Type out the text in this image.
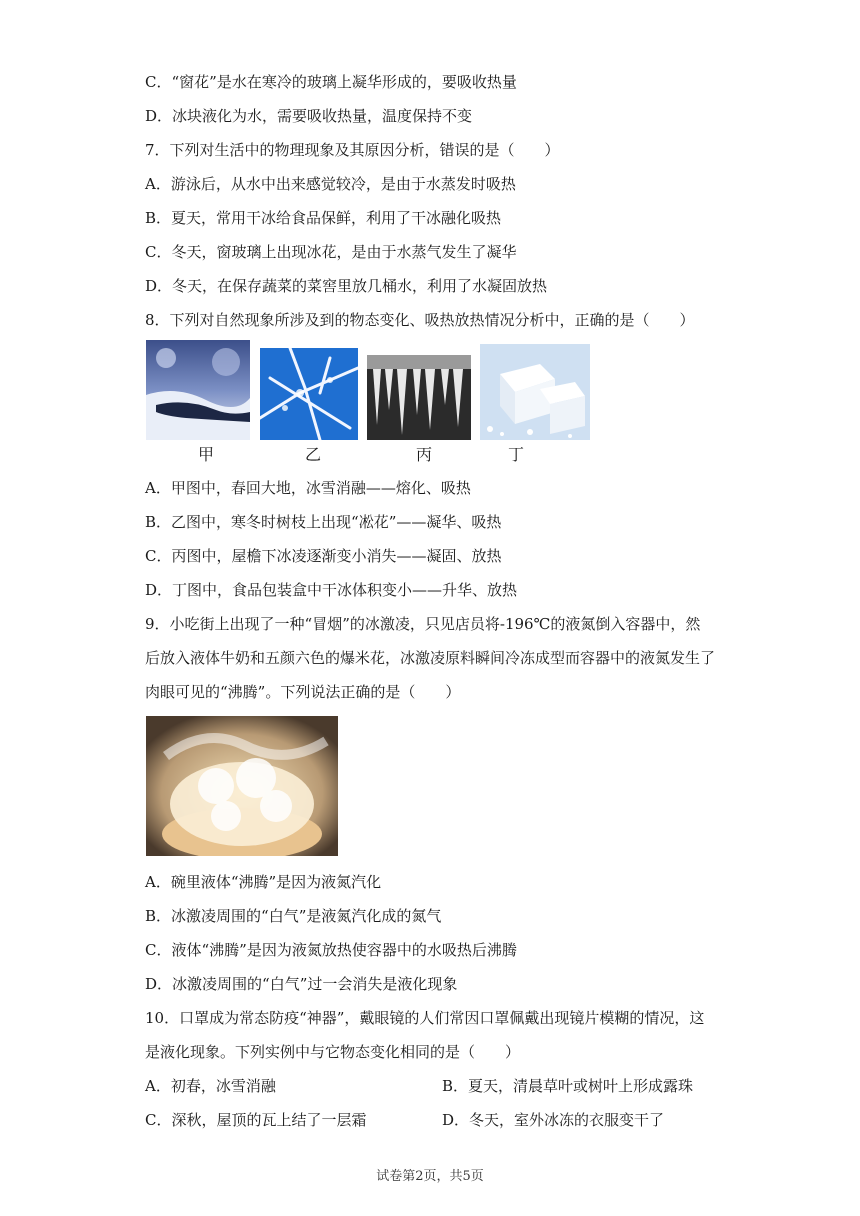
C．“窗花”是水在寒冷的玻璃上凝华形成的，要吸收热量
D．冰块液化为水，需要吸收热量，温度保持不变
7．下列对生活中的物理现象及其原因分析，错误的是（　　）
A．游泳后，从水中出来感觉较冷，是由于水蒸发时吸热
B．夏天，常用干冰给食品保鲜，利用了干冰融化吸热
C．冬天，窗玻璃上出现冰花，是由于水蒸气发生了凝华
D．冬天，在保存蔬菜的菜窖里放几桶水，利用了水凝固放热
8．下列对自然现象所涉及到的物态变化、吸热放热情况分析中，正确的是（　　）
甲	乙	丙	丁
A．甲图中，春回大地，冰雪消融——熔化、吸热
B．乙图中，寒冬时树枝上出现“凇花”——凝华、吸热
C．丙图中，屋檐下冰凌逐渐变小消失——凝固、放热
D．丁图中，食品包装盒中干冰体积变小——升华、放热
9．小吃街上出现了一种“冒烟”的冰激凌，只见店员将-196℃的液氮倒入容器中，然
后放入液体牛奶和五颜六色的爆米花，冰激凌原料瞬间冷冻成型而容器中的液氮发生了
肉眼可见的“沸腾”。下列说法正确的是（　　）
A．碗里液体“沸腾”是因为液氮汽化
B．冰激凌周围的“白气”是液氮汽化成的氮气
C．液体“沸腾”是因为液氮放热使容器中的水吸热后沸腾
D．冰激凌周围的“白气”过一会消失是液化现象
10．口罩成为常态防疫“神器”，戴眼镜的人们常因口罩佩戴出现镜片模糊的情况，这
是液化现象。下列实例中与它物态变化相同的是（　　）
A．初春，冰雪消融	B．夏天，清晨草叶或树叶上形成露珠
C．深秋，屋顶的瓦上结了一层霜	D．冬天，室外冰冻的衣服变干了
试卷第2页，共5页
